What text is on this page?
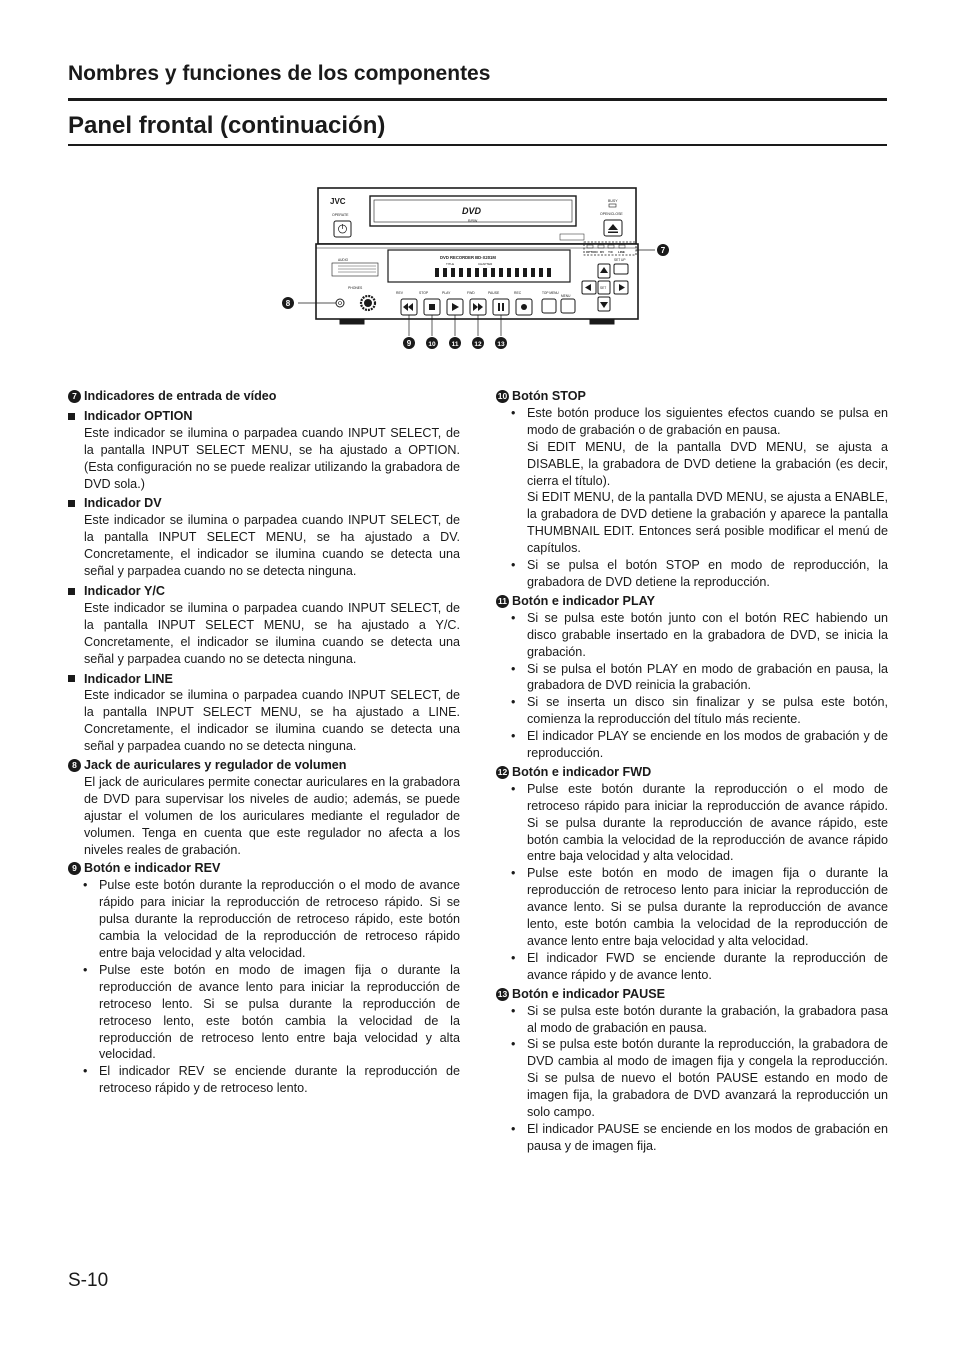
Nombres y funciones de los componentes
Panel frontal (continuación)
JVC
DVD
R/RW
OPERATE
BUSY
OPEN/CLOSE
DVD RECORDER BD-X201M
TITLE	CHAPTER
AUDIO
PHONES
REV	STOP	PLAY	FWD	PAUSE	REC	TOP MENU
MENU
OPTION DV Y/C LINE
SET UP
SET
7
8
9	10 11 12 13
7 Indicadores de entrada de vídeo
Indicador OPTION

Este indicador se ilumina o parpadea cuando INPUT SELECT, de la pantalla INPUT SELECT MENU, se ha ajustado a OPTION. (Esta configuración no se puede realizar utilizando la grabadora de DVD sola.)

Indicador DV

Este indicador se ilumina o parpadea cuando INPUT SELECT, de la pantalla INPUT SELECT MENU, se ha ajustado a DV. Concretamente, el indicador se ilumina cuando se detecta una señal y parpadea cuando no se detecta ninguna.

Indicador Y/C

Este indicador se ilumina o parpadea cuando INPUT SELECT, de la pantalla INPUT SELECT MENU, se ha ajustado a Y/C. Concretamente, el indicador se ilumina cuando se detecta una señal y parpadea cuando no se detecta ninguna.

Indicador LINE

Este indicador se ilumina o parpadea cuando INPUT SELECT, de la pantalla INPUT SELECT MENU, se ha ajustado a LINE. Concretamente, el indicador se ilumina cuando se detecta una señal y parpadea cuando no se detecta ninguna.

8 Jack de auriculares y regulador de volumen

El jack de auriculares permite conectar auriculares en la grabadora de DVD para supervisar los niveles de audio; además, se puede ajustar el volumen de los auriculares mediante el regulador de volumen. Tenga en cuenta que este regulador no afecta a los niveles reales de grabación.

9 Botón e indicador REV
• Pulse este botón durante la reproducción o el modo de avance rápido para iniciar la reproducción de retroceso rápido. Si se pulsa durante la reproducción de retroceso rápido, este botón cambia la velocidad de la reproducción de retroceso rápido entre baja velocidad y alta velocidad.
• Pulse este botón en modo de imagen fija o durante la reproducción de avance lento para iniciar la reproducción de retroceso lento. Si se pulsa durante la reproducción de retroceso lento, este botón cambia la velocidad de la reproducción de retroceso lento entre baja velocidad y alta velocidad.
• El indicador REV se enciende durante la reproducción de retroceso rápido y de retroceso lento.
10 Botón STOP
• Este botón produce los siguientes efectos cuando se pulsa en modo de grabación o de grabación en pausa.
Si EDIT MENU, de la pantalla DVD MENU, se ajusta a DISABLE, la grabadora de DVD detiene la grabación (es decir, cierra el título).
Si EDIT MENU, de la pantalla DVD MENU, se ajusta a ENABLE, la grabadora de DVD detiene la grabación y aparece la pantalla THUMBNAIL EDIT. Entonces será posible modificar el menú de capítulos.
• Si se pulsa el botón STOP en modo de reproducción, la grabadora de DVD detiene la reproducción.
11 Botón e indicador PLAY
• Si se pulsa este botón junto con el botón REC habiendo un disco grabable insertado en la grabadora de DVD, se inicia la grabación.
• Si se pulsa el botón PLAY en modo de grabación en pausa, la grabadora de DVD reinicia la grabación.
• Si se inserta un disco sin finalizar y se pulsa este botón, comienza la reproducción del título más reciente.
• El indicador PLAY se enciende en los modos de grabación y de reproducción.
12 Botón e indicador FWD
• Pulse este botón durante la reproducción o el modo de retroceso rápido para iniciar la reproducción de avance rápido. Si se pulsa durante la reproducción de avance rápido, este botón cambia la velocidad de la reproducción de avance rápido entre baja velocidad y alta velocidad.
• Pulse este botón en modo de imagen fija o durante la reproducción de retroceso lento para iniciar la reproducción de avance lento. Si se pulsa durante la reproducción de avance lento, este botón cambia la velocidad de la reproducción de avance lento entre baja velocidad y alta velocidad.
• El indicador FWD se enciende durante la reproducción de avance rápido y de avance lento.
13 Botón e indicador PAUSE
• Si se pulsa este botón durante la grabación, la grabadora pasa al modo de grabación en pausa.
• Si se pulsa este botón durante la reproducción, la grabadora de DVD cambia al modo de imagen fija y congela la reproducción. Si se pulsa de nuevo el botón PAUSE estando en modo de imagen fija, la grabadora de DVD avanzará la reproducción un solo campo.
• El indicador PAUSE se enciende en los modos de grabación en pausa y de imagen fija.

S-10
